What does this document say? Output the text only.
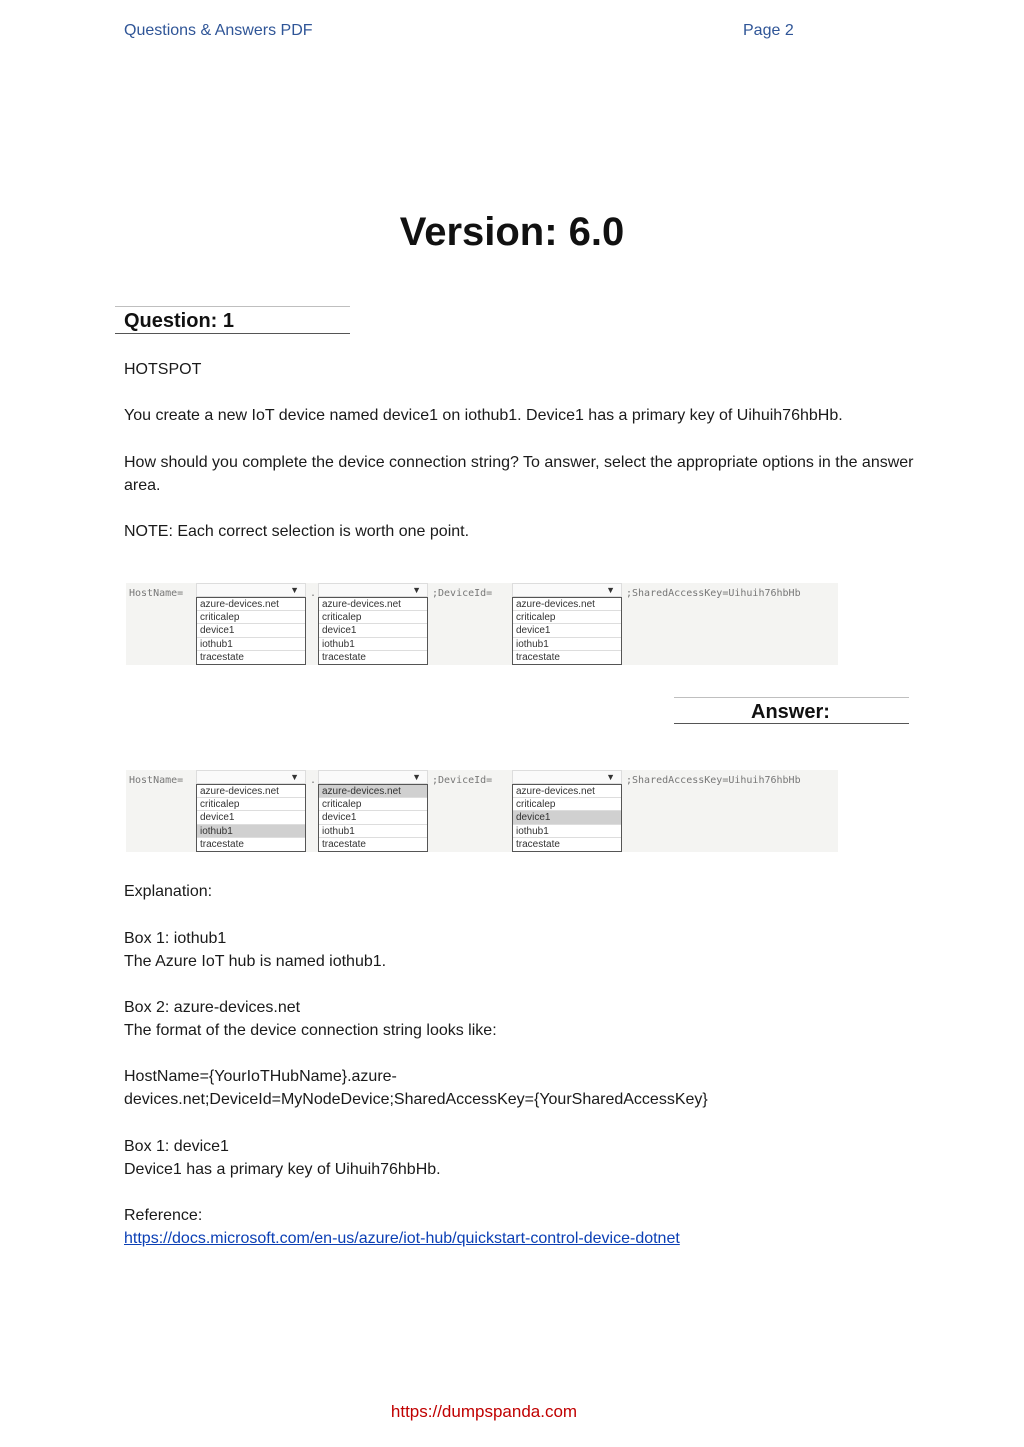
Questions & Answers PDF	Page 2
Version: 6.0
Question: 1
HOTSPOT
You create a new IoT device named device1 on iothub1. Device1 has a primary key of Uihuih76hbHb.
How should you complete the device connection string? To answer, select the appropriate options in the answer area.
NOTE: Each correct selection is worth one point.
HostName=	▼
azure-devices.net
criticalep
device1
iothub1
tracestate
.	▼
azure-devices.net
criticalep
device1
iothub1
tracestate
;DeviceId=	▼
azure-devices.net
criticalep
device1
iothub1
tracestate
;SharedAccessKey=Uihuih76hbHb
Answer:
HostName=	▼
azure-devices.net
criticalep
device1
iothub1
tracestate
.	▼
azure-devices.net
criticalep
device1
iothub1
tracestate
;DeviceId=	▼
azure-devices.net
criticalep
device1
iothub1
tracestate
;SharedAccessKey=Uihuih76hbHb
Explanation:
Box 1: iothub1
The Azure IoT hub is named iothub1.
Box 2: azure-devices.net
The format of the device connection string looks like:
HostName={YourIoTHubName}.azure-
devices.net;DeviceId=MyNodeDevice;SharedAccessKey={YourSharedAccessKey}
Box 1: device1
Device1 has a primary key of Uihuih76hbHb.
Reference:
https://docs.microsoft.com/en-us/azure/iot-hub/quickstart-control-device-dotnet
https://dumpspanda.com
